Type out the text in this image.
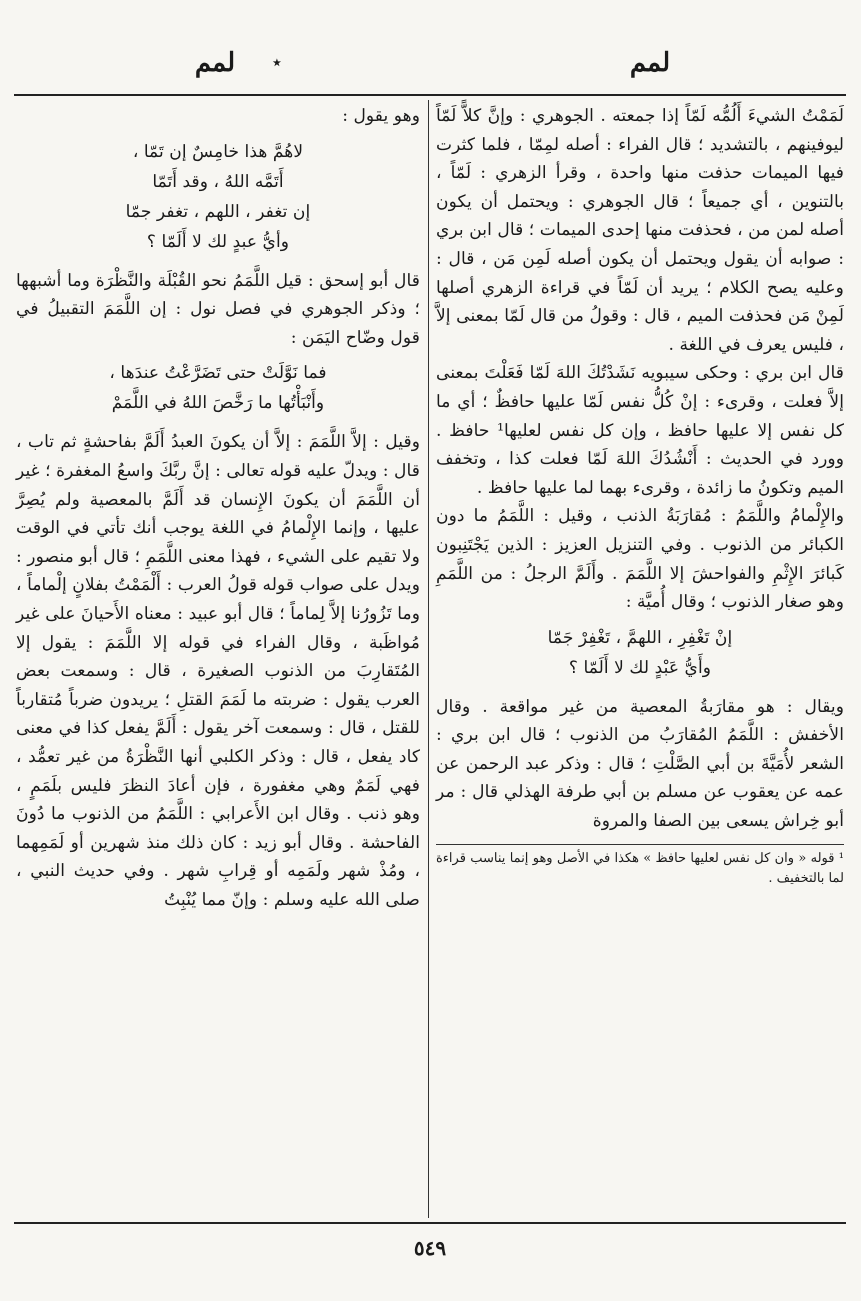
لمم
٭
لمم

لَمَمْتُ الشيءَ أَلُمُّه لَمّاً إذا جمعته . الجوهري : وإنَّ كلاًّ لَمّاً ليوفينهم ، بالتشديد ؛ قال الفراء : أصله لمِمّا ، فلما كثرت فيها الميمات حذفت منها واحدة ، وقرأ الزهري : لَمّاً ، بالتنوين ، أي جميعاً ؛ قال الجوهري : ويحتمل أن يكون أصله لمن من ، فحذفت منها إحدى الميمات ؛ قال ابن بري : صوابه أن يقول ويحتمل أن يكون أصله لَمِن مَن ، قال : وعليه يصح الكلام ؛ يريد أن لَمّاً في قراءة الزهري أصلها لَمِنْ مَن فحذفت الميم ، قال : وقولُ من قال لَمّا بمعنى إلاَّ ، فليس يعرف في اللغة .

قال ابن بري : وحكى سيبويه نَشَدْتُكَ اللهَ لَمّا فَعَلْتَ بمعنى إلاَّ فعلت ، وقرىء : إنْ كُلُّ نفس لَمّا عليها حافظٌ ؛ أي ما كل نفس إلا عليها حافظ ، وإن كل نفس لعليها¹ حافظ . وورد في الحديث : أَنْشُدُكَ اللهَ لَمّا فعلت كذا ، وتخفف الميم وتكونُ ما زائدة ، وقرىء بهما لما عليها حافظ .

والإِلْمامُ واللَّمَمُ : مُقارَبَةُ الذنب ، وقيل : اللَّمَمُ ما دون الكبائر من الذنوب . وفي التنزيل العزيز : الذين يَجْتَنِبون كَبائرَ الإِثْمِ والفواحشَ إلا اللَّمَمَ . وأَلَمَّ الرجلُ : من اللَّمَمِ وهو صغار الذنوب ؛ وقال أُميَّة :

إنْ تَغْفِرِ ، اللهمَّ ، تَغْفِرْ جَمّا
وأَيُّ عَبْدٍ لك لا أَلَمّا ؟

ويقال : هو مقارَبةُ المعصية من غير مواقعة . وقال الأخفش : اللَّمَمُ المُقارَبُ من الذنوب ؛ قال ابن بري : الشعر لأُمَيَّةَ بن أبي الصَّلْتِ ؛ قال : وذكر عبد الرحمن عن عمه عن يعقوب عن مسلم بن أبي طرفة الهذلي قال : مر أبو خِراش يسعى بين الصفا والمروة

¹ قوله « وان كل نفس لعليها حافظ » هكذا في الأصل وهو إنما يناسب قراءة لما بالتخفيف .

وهو يقول :

لاهُمَّ هذا خامِسٌ إن تَمّا ،
أَتَمَّه اللهُ ، وقد أَتَمّا
إن تغفر ، اللهم ، تغفر جمّا
وأيُّ عبدٍ لك لا أَلَمّا ؟

قال أبو إسحق : قيل اللَّمَمُ نحو القُبْلَة والنَّظْرَة وما أشبهها ؛ وذكر الجوهري في فصل نول : إن اللَّمَمَ التقبيلُ في قول وضّاح اليَمَن :

فما نَوَّلَتْ حتى تَضَرَّعْتُ عندَها ،
وأَنْبَأْتُها ما رَخَّصَ اللهُ في اللَّمَمْ

وقيل : إلاَّ اللَّمَمَ : إلاَّ أن يكونَ العبدُ أَلَمَّ بفاحشةٍ ثم تاب ، قال : ويدلّ عليه قوله تعالى : إنَّ ربَّكَ واسعُ المغفرة ؛ غير أن اللَّمَمَ أن يكونَ الإِنسان قد أَلَمَّ بالمعصية ولم يُصِرَّ عليها ، وإنما الإِلْمامُ في اللغة يوجب أنك تأتي في الوقت ولا تقيم على الشيء ، فهذا معنى اللَّمَمِ ؛ قال أبو منصور : ويدل على صواب قوله قولُ العرب : أَلْمَمْتُ بفلانٍ إلْماماً ، وما تَزُورُنا إلاَّ لِماماً ؛ قال أبو عبيد : معناه الأَحيانَ على غير مُواظَبة ، وقال الفراء في قوله إلا اللَّمَمَ : يقول إلا المُتَقارِبَ من الذنوب الصغيرة ، قال : وسمعت بعض العرب يقول : ضربته ما لَمَمَ القتلِ ؛ يريدون ضرباً مُتقارباً للقتل ، قال : وسمعت آخر يقول : أَلَمَّ يفعل كذا في معنى كاد يفعل ، قال : وذكر الكلبي أنها النَّظْرَةُ من غير تعمُّد ، فهي لَمَمٌ وهي مغفورة ، فإن أعادَ النظرَ فليس بلَمَمٍ ، وهو ذنب . وقال ابن الأَعرابي : اللَّمَمُ من الذنوب ما دُونَ الفاحشة . وقال أبو زيد : كان ذلك منذ شهرين أو لَمَمِهما ، ومُذْ شهر ولَمَمِه أو قِرابِ شهر . وفي حديث النبي ، صلى الله عليه وسلم : وإنّ مما يُنْبِتُ

٥٤٩
